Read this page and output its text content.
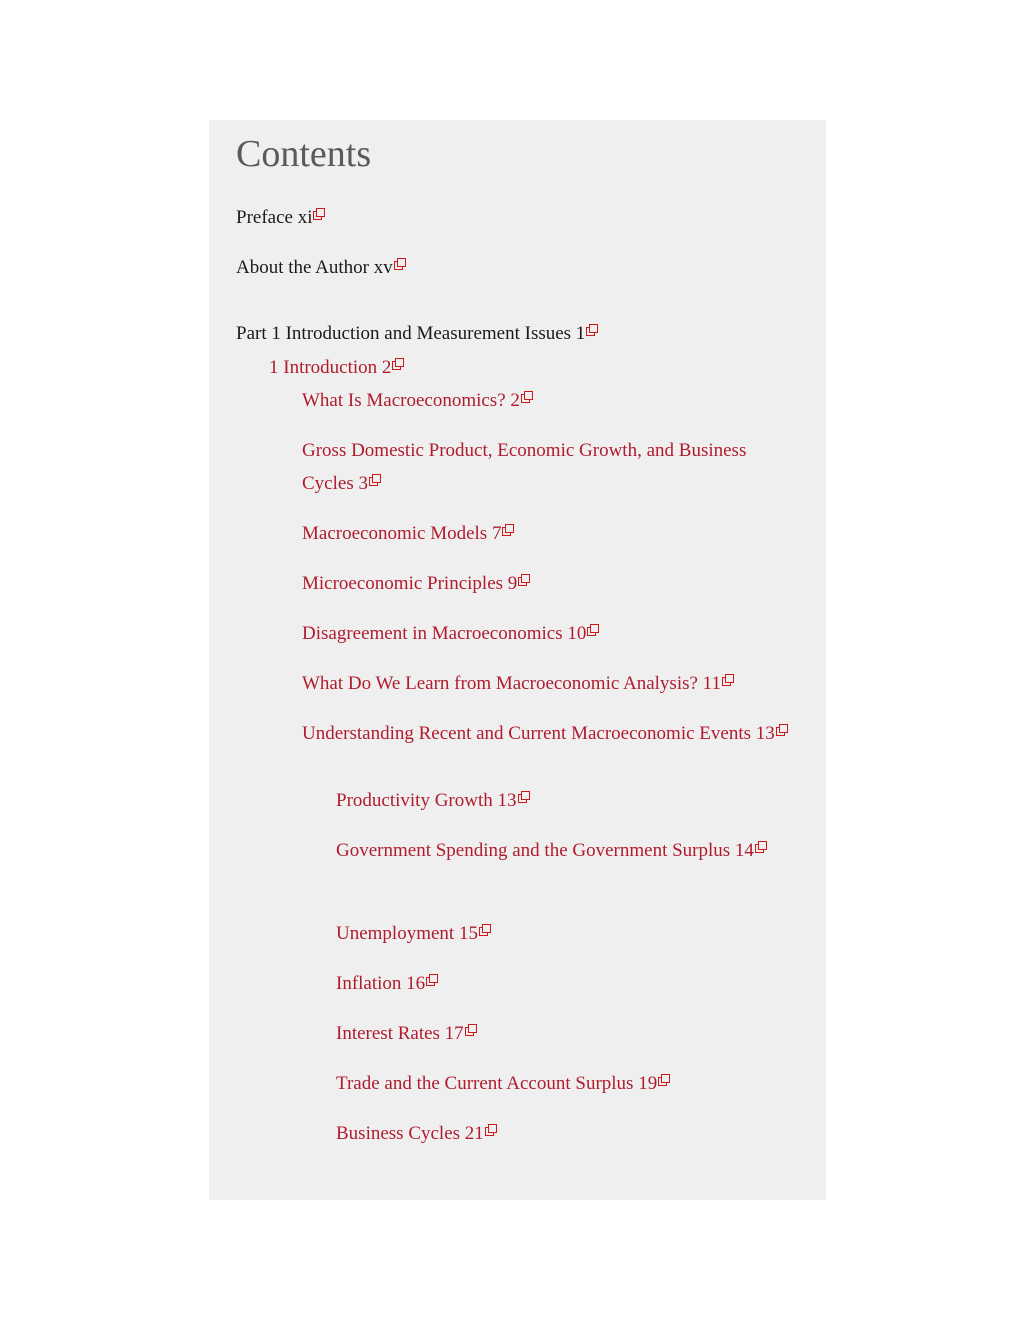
Contents
Preface xi
About the Author xv
Part 1 Introduction and Measurement Issues 1
1 Introduction 2
What Is Macroeconomics? 2
Gross Domestic Product, Economic Growth, and Business Cycles 3
Macroeconomic Models 7
Microeconomic Principles 9
Disagreement in Macroeconomics 10
What Do We Learn from Macroeconomic Analysis? 11
Understanding Recent and Current Macroeconomic Events 13
Productivity Growth 13
Government Spending and the Government Surplus 14
Unemployment 15
Inflation 16
Interest Rates 17
Trade and the Current Account Surplus 19
Business Cycles 21
